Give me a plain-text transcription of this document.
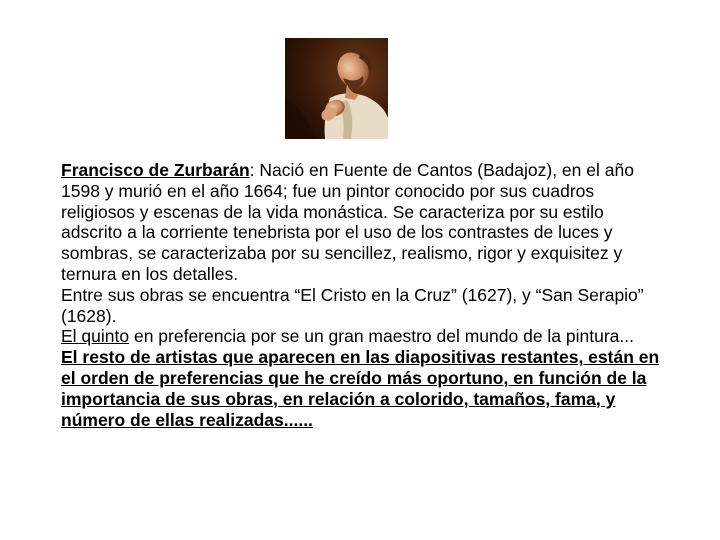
Francisco de Zurbarán: Nació en Fuente de Cantos (Badajoz), en el año 1598 y murió en el año 1664; fue un pintor conocido por sus cuadros religiosos y escenas de la vida monástica. Se caracteriza por su estilo adscrito a la corriente tenebrista por el uso de los contrastes de luces y sombras, se caracterizaba por su sencillez, realismo, rigor y exquisitez y ternura en los detalles.

Entre sus obras se encuentra “El Cristo en la Cruz” (1627), y “San Serapio” (1628).

El quinto en preferencia por se un gran maestro del mundo de la pintura...

El resto de artistas que aparecen en las diapositivas restantes, están en el orden de preferencias que he creído más oportuno, en función de la importancia de sus obras, en relación a colorido, tamaños, fama, y número de ellas realizadas......
